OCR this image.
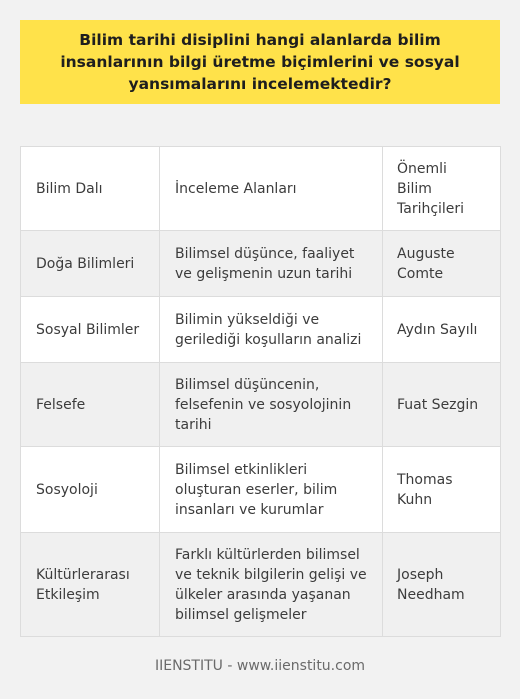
Bilim tarihi disiplini hangi alanlarda bilim insanlarının bilgi üretme biçimlerini ve sosyal yansımalarını incelemektedir?
Bilim Dalı	İnceleme Alanları	Önemli Bilim Tarihçileri
Doğa Bilimleri	Bilimsel düşünce, faaliyet ve gelişmenin uzun tarihi	Auguste Comte
Sosyal Bilimler	Bilimin yükseldiği ve gerilediği koşulların analizi	Aydın Sayılı
Felsefe	Bilimsel düşüncenin, felsefenin ve sosyolojinin tarihi	Fuat Sezgin
Sosyoloji	Bilimsel etkinlikleri oluşturan eserler, bilim insanları ve kurumlar	Thomas Kuhn
Kültürlerarası Etkileşim	Farklı kültürlerden bilimsel ve teknik bilgilerin gelişi ve ülkeler arasında yaşanan bilimsel gelişmeler	Joseph Needham
IIENSTITU - www.iienstitu.com
